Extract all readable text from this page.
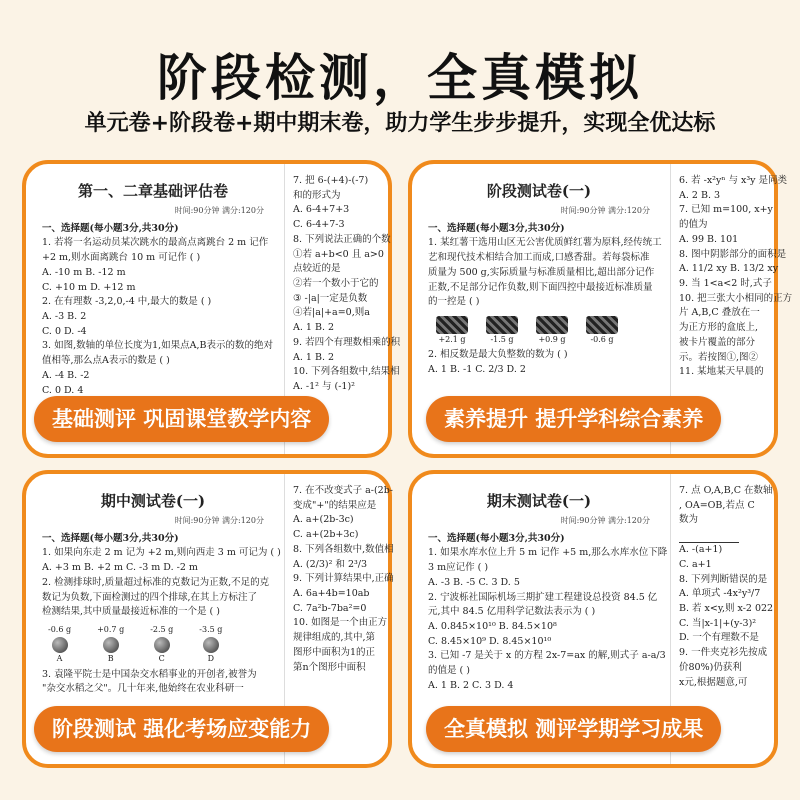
阶段检测，全真模拟
单元卷+阶段卷+期中期末卷，助力学生步步提升，实现全优达标
第一、二章基础评估卷
时间:90分钟 满分:120分
一、选择题(每小题3分,共30分)
1. 若将一名运动员某次跳水的最高点离跳台 2 m 记作
+2 m,则水面离跳台 10 m 可记作 ( )
A. -10 m B. -12 m
C. +10 m D. +12 m
2. 在有理数 -3,2,0,-4 中,最大的数是 ( )
A. -3 B. 2
C. 0 D. -4
3. 如图,数轴的单位长度为1,如果点A,B表示的数的绝对
值相等,那么点A表示的数是 ( )
A. -4 B. -2
C. 0 D. 4
7. 把 6-(+4)-(-7)
和的形式为
A. 6-4+7+3
C. 6-4+7-3
8. 下列说法正确的个数
①若 a+b<0 且 a>0
点较近的是
②若一个数小于它的
③ -|a|一定是负数
④若|a|+a=0,则a
A. 1 B. 2
9. 若四个有理数相乘的积
A. 1 B. 2
10. 下列各组数中,结果相
A. -1² 与 (-1)²
基础测评 巩固课堂教学内容
阶段测试卷(一)
时间:90分钟 满分:120分
一、选择题(每小题3分,共30分)
1. 某红薯干选用山区无公害优质鲜红薯为原料,经传统工
艺和现代技术相结合加工而成,口感香甜。若每袋标准
质量为 500 g,实际质量与标准质量相比,超出部分记作
正数,不足部分记作负数,则下面四控中最接近标准质量
的一控是 ( )
+2.1 g	-1.5 g	+0.9 g	-0.6 g
2. 相反数是最大负整数的数为 ( )
A. 1 B. -1 C. 2/3 D. 2
6. 若 -x²yⁿ 与 x³y 是同类
A. 2 B. 3
7. 已知 m=100, x+y
的值为
A. 99 B. 101
8. 图中阴影部分的面积是
A. 11/2 xy B. 13/2 xy
9. 当 1<a<2 时,式子
10. 把三张大小相同的正方
片 A,B,C 叠放在一
为正方形的盒底上,
被卡片覆盖的部分
示。若按图①,图②
11. 某地某天早晨的
素养提升 提升学科综合素养
期中测试卷(一)
时间:90分钟 满分:120分
一、选择题(每小题3分,共30分)
1. 如果向东走 2 m 记为 +2 m,则向西走 3 m 可记为 ( )
A. +3 m B. +2 m C. -3 m D. -2 m
2. 检测排球时,质量超过标准的克数记为正数,不足的克
数记为负数,下面检测过的四个排球,在其上方标注了
检测结果,其中质量最接近标准的一个是 ( )
-0.6 g
A
+0.7 g
B
-2.5 g
C
-3.5 g
D
3. 袁隆平院士是中国杂交水稻事业的开创者,被誉为
"杂交水稻之父"。几十年来,他始终在农业科研一
7. 在不改变式子 a-(2b-
变成"+"的结果应是
A. a+(2b-3c)
C. a+(2b+3c)
8. 下列各组数中,数值相
A. (2/3)² 和 2³/3
9. 下列计算结果中,正确
A. 6a+4b=10ab
C. 7a²b-7ba²=0
10. 如图是一个由正方
规律组成的,其中,第
图形中面积为1的正
第n个图形中面积
阶段测试 强化考场应变能力
期末测试卷(一)
时间:90分钟 满分:120分
一、选择题(每小题3分,共30分)
1. 如果水库水位上升 5 m 记作 +5 m,那么水库水位下降
3 m应记作 ( )
A. -3 B. -5 C. 3 D. 5
2. 宁波栎社国际机场三期扩建工程建设总投资 84.5 亿
元,其中 84.5 亿用科学记数法表示为 ( )
A. 0.845×10¹⁰ B. 84.5×10⁸
C. 8.45×10⁹ D. 8.45×10¹⁰
3. 已知 -7 是关于 x 的方程 2x-7=ax 的解,则式子 a-a/3
的值是 ( )
A. 1 B. 2 C. 3 D. 4
7. 点 O,A,B,C 在数轴
, OA=OB,若点 C
数为
A. -(a+1)
C. a+1
8. 下列判断错误的是
A. 单项式 -4x²y³/7
B. 若 x<y,则 x-2 022
C. 当|x-1|+(y-3)²
D. 一个有理数不是
9. 一件夹克衫先按成
价80%)仍获利
x元,根据题意,可
全真模拟 测评学期学习成果
